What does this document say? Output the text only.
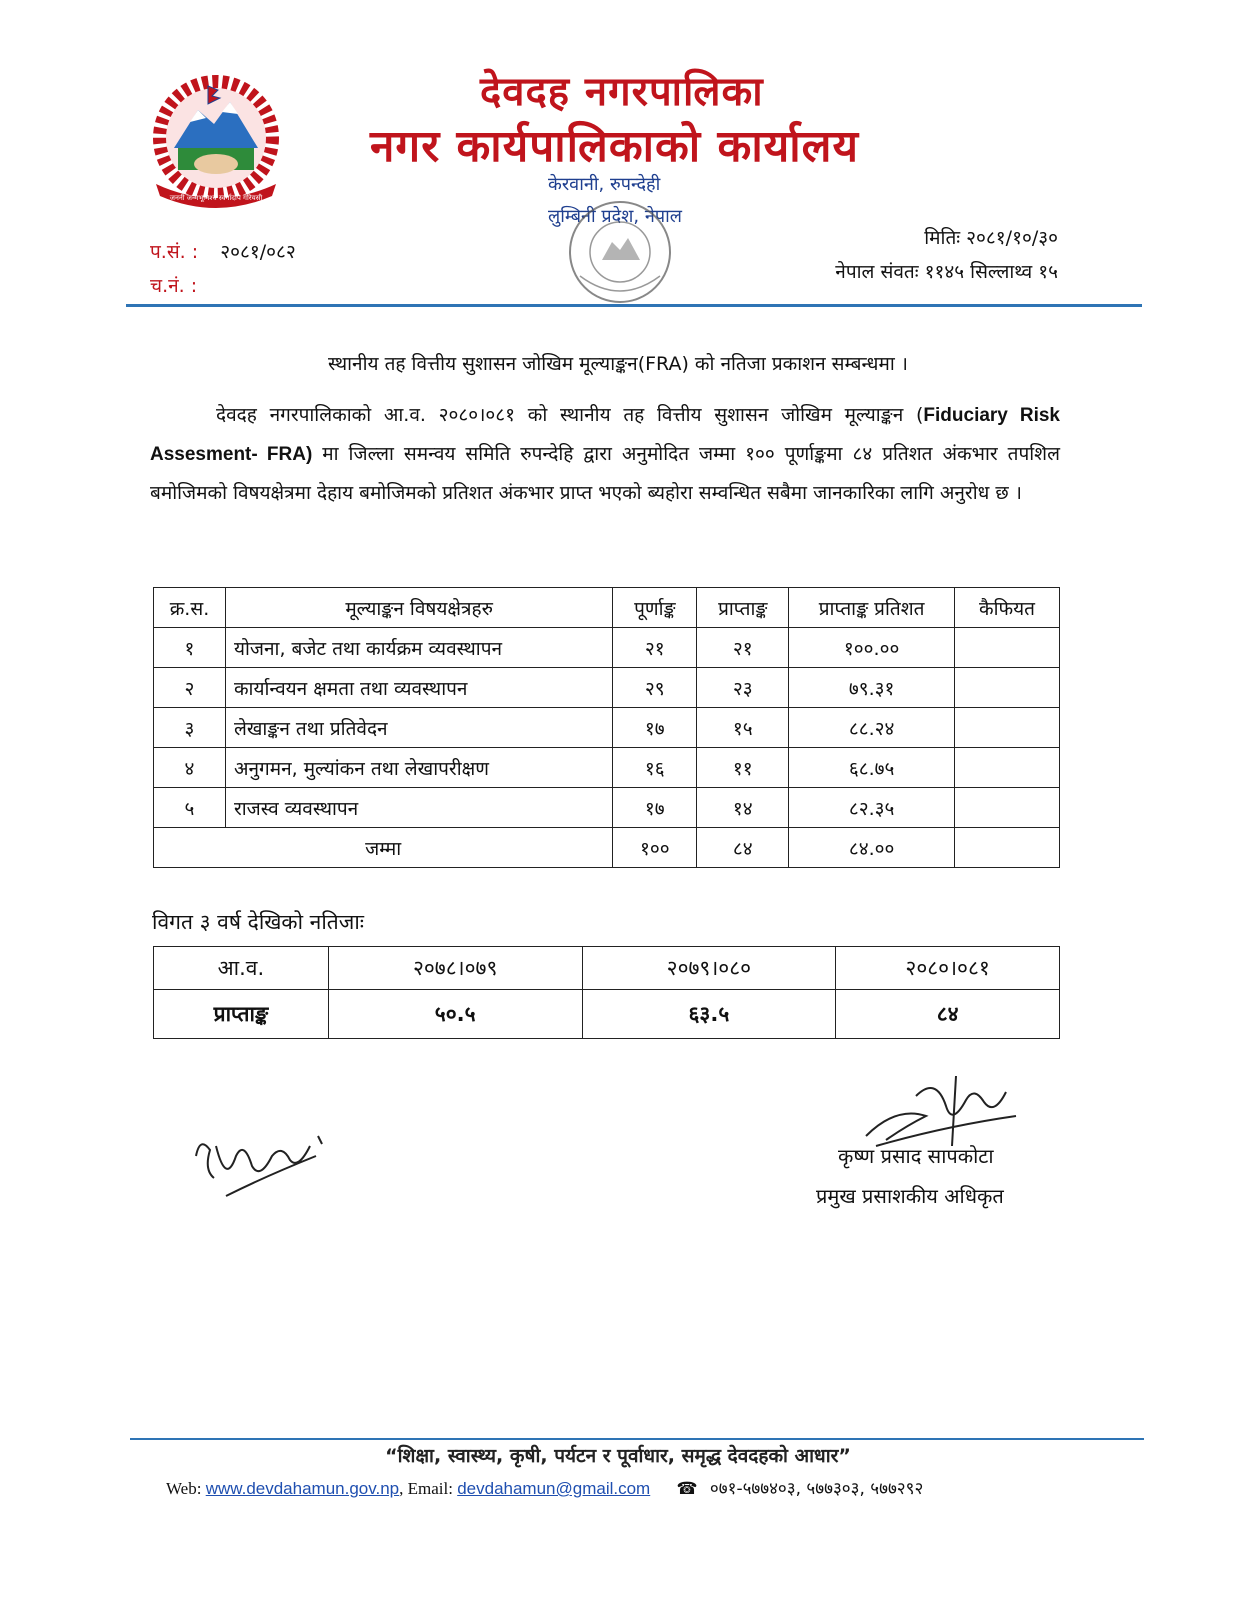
जननी जन्मभूमिश्च स्वर्गादपि गरियसी
देवदह नगरपालिका
नगर कार्यपालिकाको कार्यालय
केरवानी, रुपन्देही
लुम्बिनी प्रदेश, नेपाल
प.सं. : २०८१/०८२
च.नं. :
मितिः २०८१/१०/३०
नेपाल संवतः ११४५ सिल्लाथ्व १५
स्थानीय तह वित्तीय सुशासन जोखिम मूल्याङ्कन(FRA) को नतिजा प्रकाशन सम्बन्धमा ।
देवदह नगरपालिकाको आ.व. २०८०।०८१ को स्थानीय तह वित्तीय सुशासन जोखिम मूल्याङ्कन (Fiduciary Risk Assesment- FRA) मा जिल्ला समन्वय समिति रुपन्देहि द्वारा अनुमोदित जम्मा १०० पूर्णाङ्कमा ८४ प्रतिशत अंकभार तपशिल बमोजिमको विषयक्षेत्रमा देहाय बमोजिमको प्रतिशत अंकभार प्राप्त भएको ब्यहोरा सम्वन्धित सबैमा जानकारिका लागि अनुरोध छ ।
क्र.स.	मूल्याङ्कन विषयक्षेत्रहरु	पूर्णाङ्क	प्राप्ताङ्क	प्राप्ताङ्क प्रतिशत	कैफियत
१	योजना, बजेट तथा कार्यक्रम व्यवस्थापन	२१	२१	१००.००	
२	कार्यान्वयन क्षमता तथा व्यवस्थापन	२९	२३	७९.३१	
३	लेखाङ्कन तथा प्रतिवेदन	१७	१५	८८.२४	
४	अनुगमन, मुल्यांकन तथा लेखापरीक्षण	१६	११	६८.७५	
५	राजस्व व्यवस्थापन	१७	१४	८२.३५	
जम्मा		१००	८४	८४.००	
विगत ३ वर्ष देखिको नतिजाः
आ.व.	२०७८।०७९	२०७९।०८०	२०८०।०८१
प्राप्ताङ्क	५०.५	६३.५	८४
कृष्ण प्रसाद सापकोटा
प्रमुख प्रसाशकीय अधिकृत
“शिक्षा, स्वास्थ्य, कृषी, पर्यटन र पूर्वाधार, समृद्ध देवदहको आधार”
Web: www.devdahamun.gov.np, Email: devdahamun@gmail.com ☎ ०७१-५७७४०३, ५७७३०३, ५७७२९२
